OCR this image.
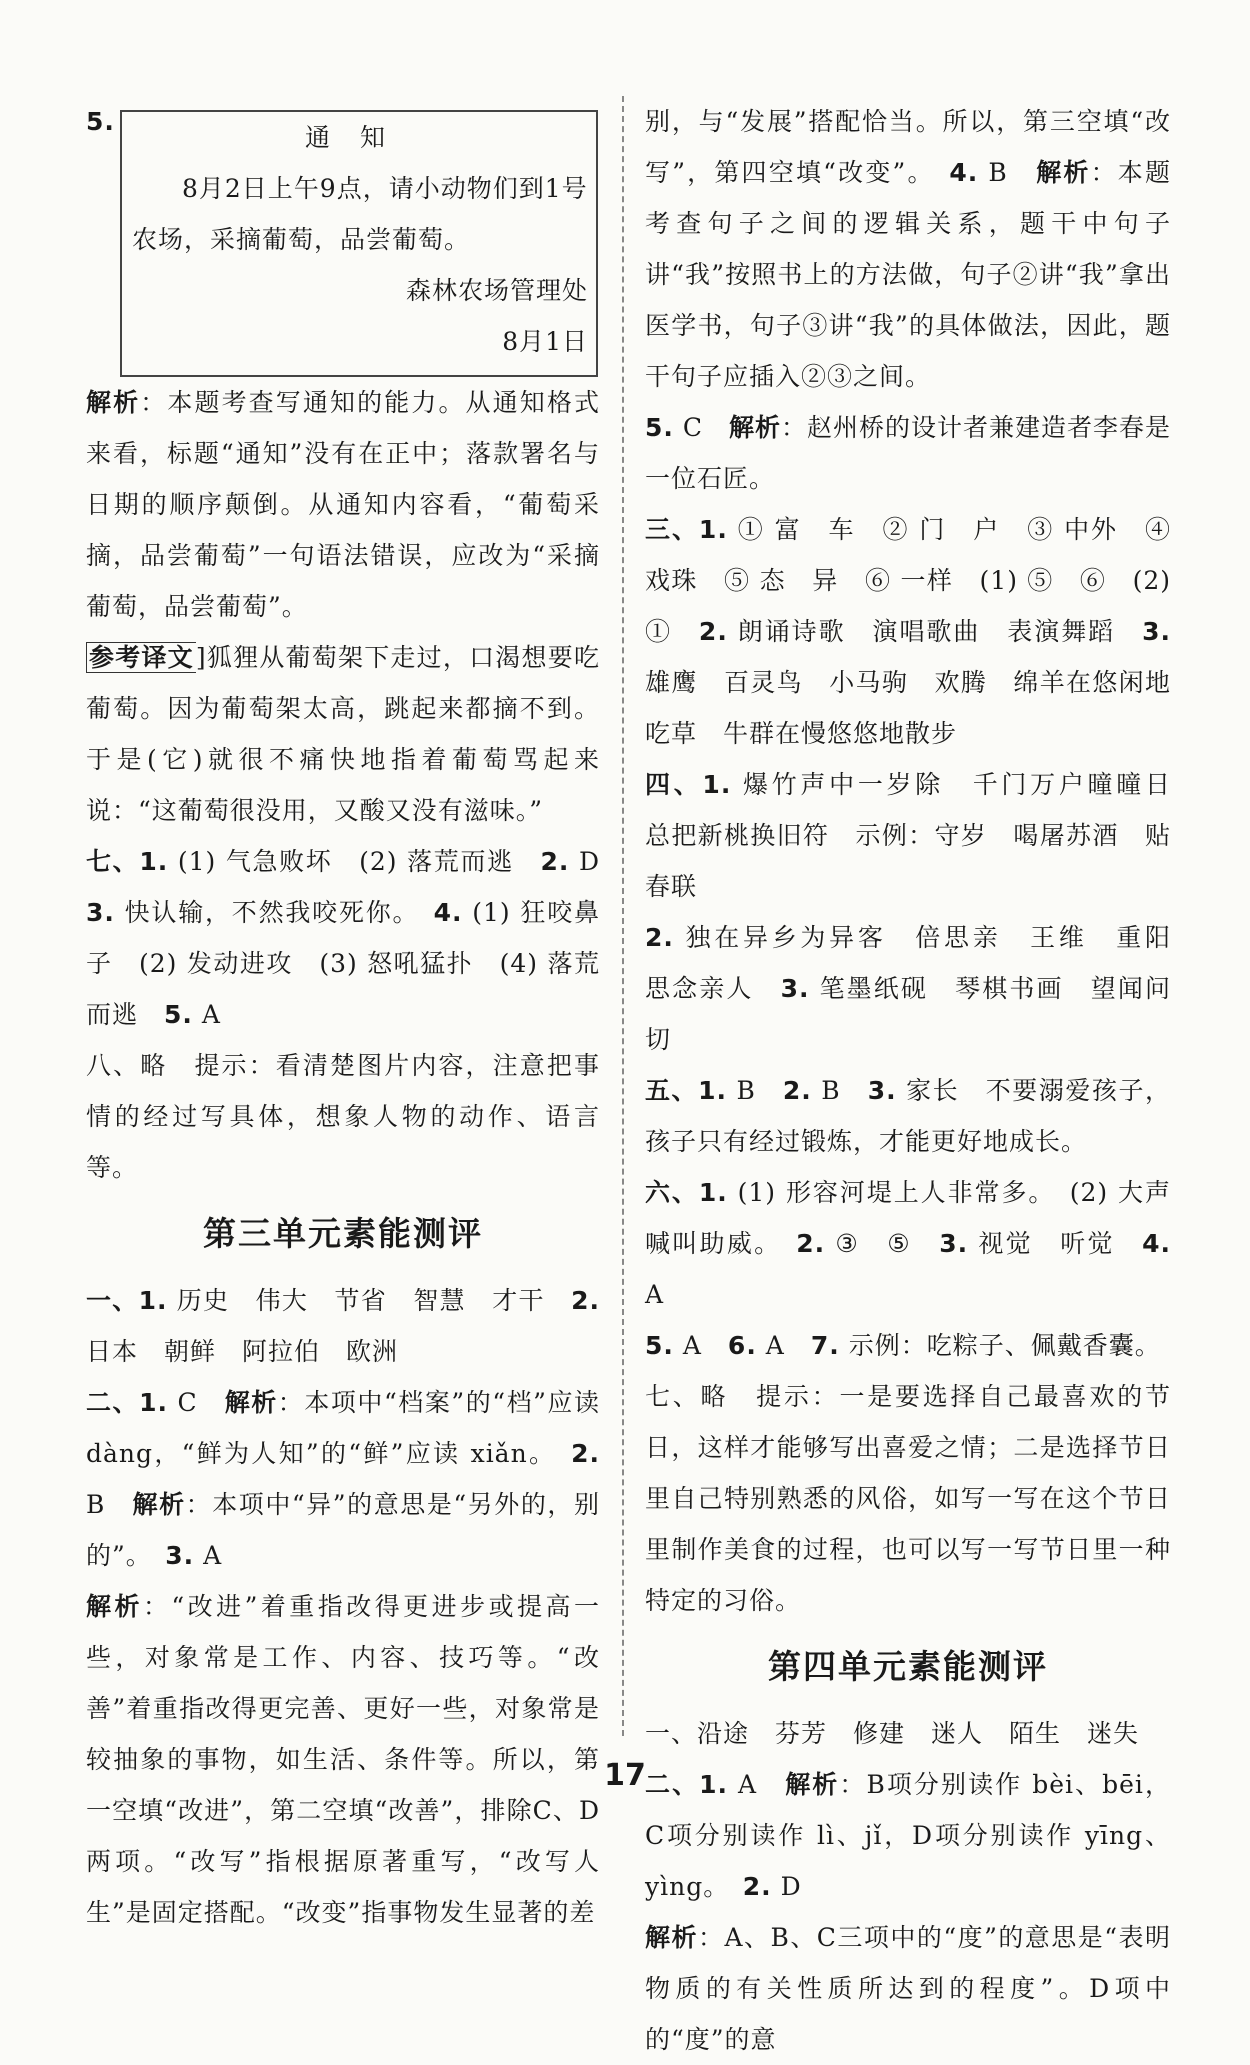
5.
通知
8月2日上午9点，请小动物们到1号农场，采摘葡萄，品尝葡萄。
森林农场管理处
8月1日

解析：本题考查写通知的能力。从通知格式来看，标题“通知”没有在正中；落款署名与日期的顺序颠倒。从通知内容看，“葡萄采摘，品尝葡萄”一句语法错误，应改为“采摘葡萄，品尝葡萄”。

参考译文]狐狸从葡萄架下走过，口渴想要吃葡萄。因为葡萄架太高，跳起来都摘不到。于是(它)就很不痛快地指着葡萄骂起来说：“这葡萄很没用，又酸又没有滋味。”

七、1. (1) 气急败坏　(2) 落荒而逃　2. D　3. 快认输，不然我咬死你。　4. (1) 狂咬鼻子　(2) 发动进攻　(3) 怒吼猛扑　(4) 落荒而逃　5. A

八、略　提示：看清楚图片内容，注意把事情的经过写具体，想象人物的动作、语言等。

第三单元素能测评

一、1. 历史　伟大　节省　智慧　才干　2. 日本　朝鲜　阿拉伯　欧洲

二、1. C　解析：本项中“档案”的“档”应读 dàng，“鲜为人知”的“鲜”应读 xiǎn。　2. B　解析：本项中“异”的意思是“另外的，别的”。　3. A

解析：“改进”着重指改得更进步或提高一些，对象常是工作、内容、技巧等。“改善”着重指改得更完善、更好一些，对象常是较抽象的事物，如生活、条件等。所以，第一空填“改进”，第二空填“改善”，排除C、D两项。“改写”指根据原著重写，“改写人生”是固定搭配。“改变”指事物发生显著的差

别，与“发展”搭配恰当。所以，第三空填“改写”，第四空填“改变”。　4. B　解析：本题考查句子之间的逻辑关系，题干中句子讲“我”按照书上的方法做，句子②讲“我”拿出医学书，句子③讲“我”的具体做法，因此，题干句子应插入②③之间。

5. C　解析：赵州桥的设计者兼建造者李春是一位石匠。

三、1. ① 富　车　② 门　户　③ 中外　④ 戏珠　⑤ 态　异　⑥ 一样　(1) ⑤　⑥　(2) ①　2. 朗诵诗歌　演唱歌曲　表演舞蹈　3. 雄鹰　百灵鸟　小马驹　欢腾　绵羊在悠闲地吃草　牛群在慢悠悠地散步

四、1. 爆竹声中一岁除　千门万户曈曈日　总把新桃换旧符　示例：守岁　喝屠苏酒　贴春联

2. 独在异乡为异客　倍思亲　王维　重阳　思念亲人　3. 笔墨纸砚　琴棋书画　望闻问切

五、1. B　2. B　3. 家长　不要溺爱孩子，孩子只有经过锻炼，才能更好地成长。

六、1. (1) 形容河堤上人非常多。　(2) 大声喊叫助威。　2. ③　⑤　3. 视觉　听觉　4. A　

5. A　6. A　7. 示例：吃粽子、佩戴香囊。

七、略　提示：一是要选择自己最喜欢的节日，这样才能够写出喜爱之情；二是选择节日里自己特别熟悉的风俗，如写一写在这个节日里制作美食的过程，也可以写一写节日里一种特定的习俗。

第四单元素能测评

一、沿途　芬芳　修建　迷人　陌生　迷失

二、1. A　解析：B项分别读作 bèi、bēi，C项分别读作 lì、jǐ，D项分别读作 yīng、yìng。　2. D

解析：A、B、C三项中的“度”的意思是“表明物质的有关性质所达到的程度”。D项中的“度”的意

17
